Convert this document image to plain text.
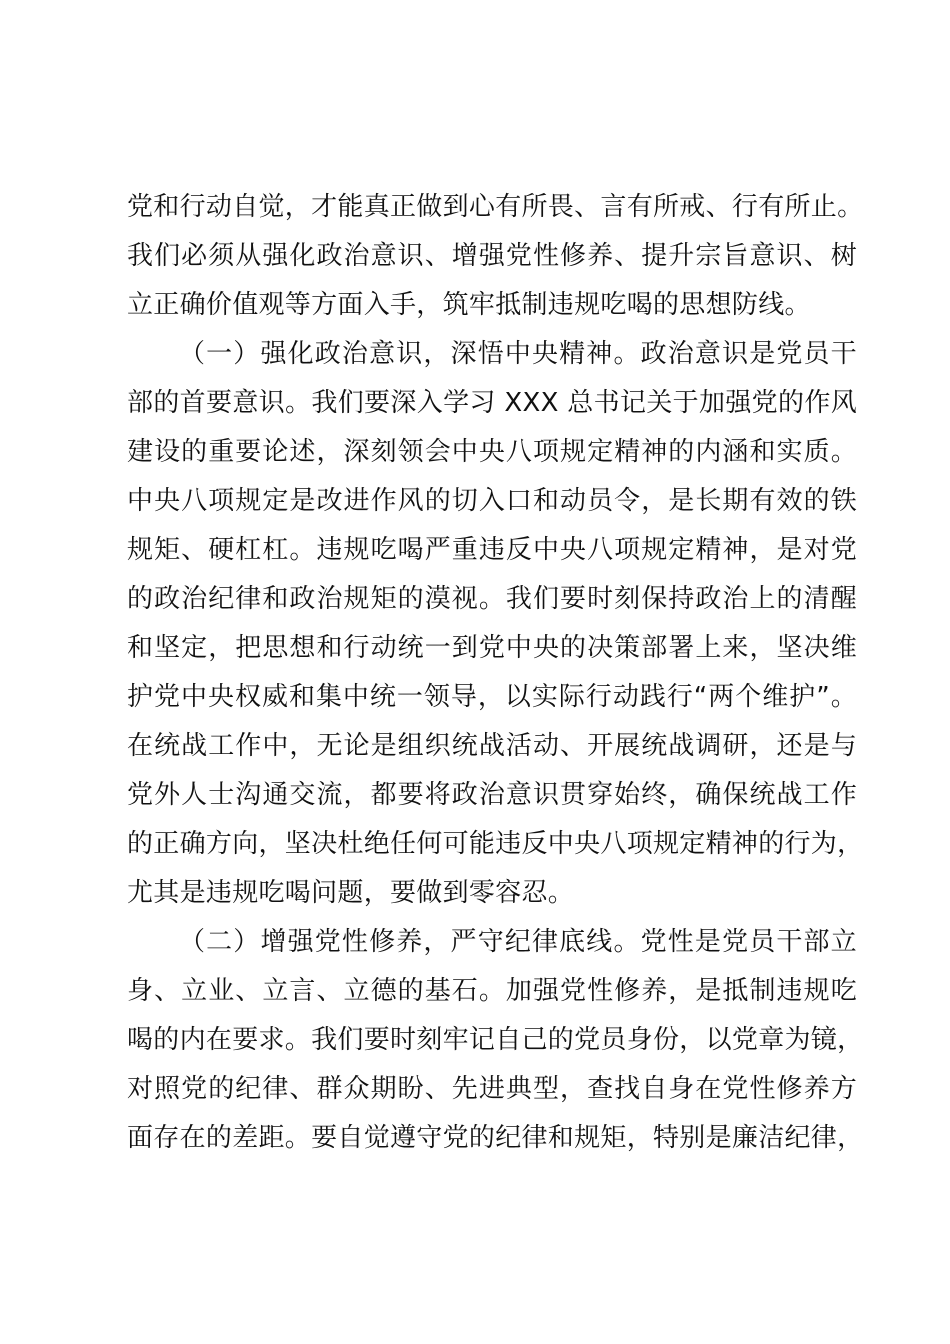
党和行动自觉，才能真正做到心有所畏、言有所戒、行有所止。
我们必须从强化政治意识、增强党性修养、提升宗旨意识、树
立正确价值观等方面入手，筑牢抵制违规吃喝的思想防线。
（一）强化政治意识，深悟中央精神。政治意识是党员干
部的首要意识。我们要深入学习 XXX 总书记关于加强党的作风
建设的重要论述，深刻领会中央八项规定精神的内涵和实质。
中央八项规定是改进作风的切入口和动员令，是长期有效的铁
规矩、硬杠杠。违规吃喝严重违反中央八项规定精神，是对党
的政治纪律和政治规矩的漠视。我们要时刻保持政治上的清醒
和坚定，把思想和行动统一到党中央的决策部署上来，坚决维
护党中央权威和集中统一领导，以实际行动践行“两个维护”。
在统战工作中，无论是组织统战活动、开展统战调研，还是与
党外人士沟通交流，都要将政治意识贯穿始终，确保统战工作
的正确方向，坚决杜绝任何可能违反中央八项规定精神的行为，
尤其是违规吃喝问题，要做到零容忍。
（二）增强党性修养，严守纪律底线。党性是党员干部立
身、立业、立言、立德的基石。加强党性修养，是抵制违规吃
喝的内在要求。我们要时刻牢记自己的党员身份，以党章为镜，
对照党的纪律、群众期盼、先进典型，查找自身在党性修养方
面存在的差距。要自觉遵守党的纪律和规矩，特别是廉洁纪律，
